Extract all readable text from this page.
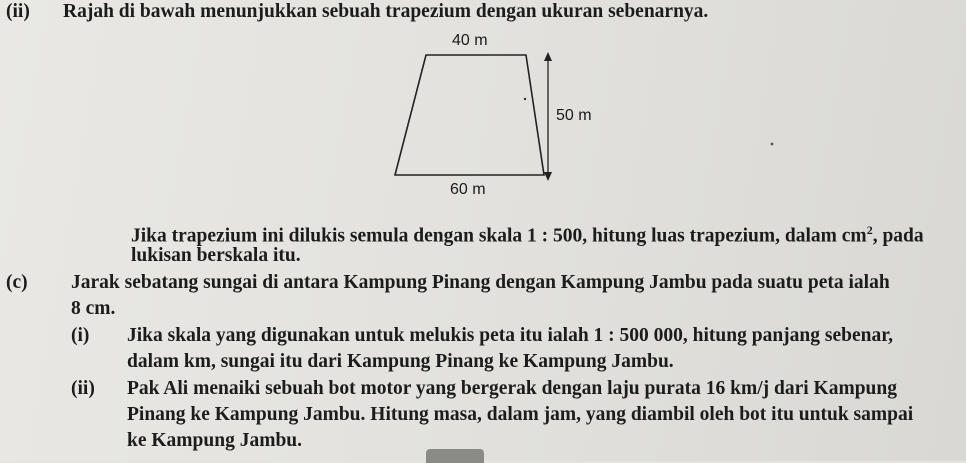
(ii) Rajah di bawah menunjukkan sebuah trapezium dengan ukuran sebenarnya.
40 m
50 m
60 m
Jika trapezium ini dilukis semula dengan skala 1 : 500, hitung luas trapezium, dalam $cm^2$, pada
lukisan berskala itu.
(c) Jarak sebatang sungai di antara Kampung Pinang dengan Kampung Jambu pada suatu peta ialah
8 cm.
(i) Jika skala yang digunakan untuk melukis peta itu ialah 1 : 500 000, hitung panjang sebenar,
dalam km, sungai itu dari Kampung Pinang ke Kampung Jambu.
(ii) Pak Ali menaiki sebuah bot motor yang bergerak dengan laju purata 16 km/j dari Kampung
Pinang ke Kampung Jambu. Hitung masa, dalam jam, yang diambil oleh bot itu untuk sampai
ke Kampung Jambu.
